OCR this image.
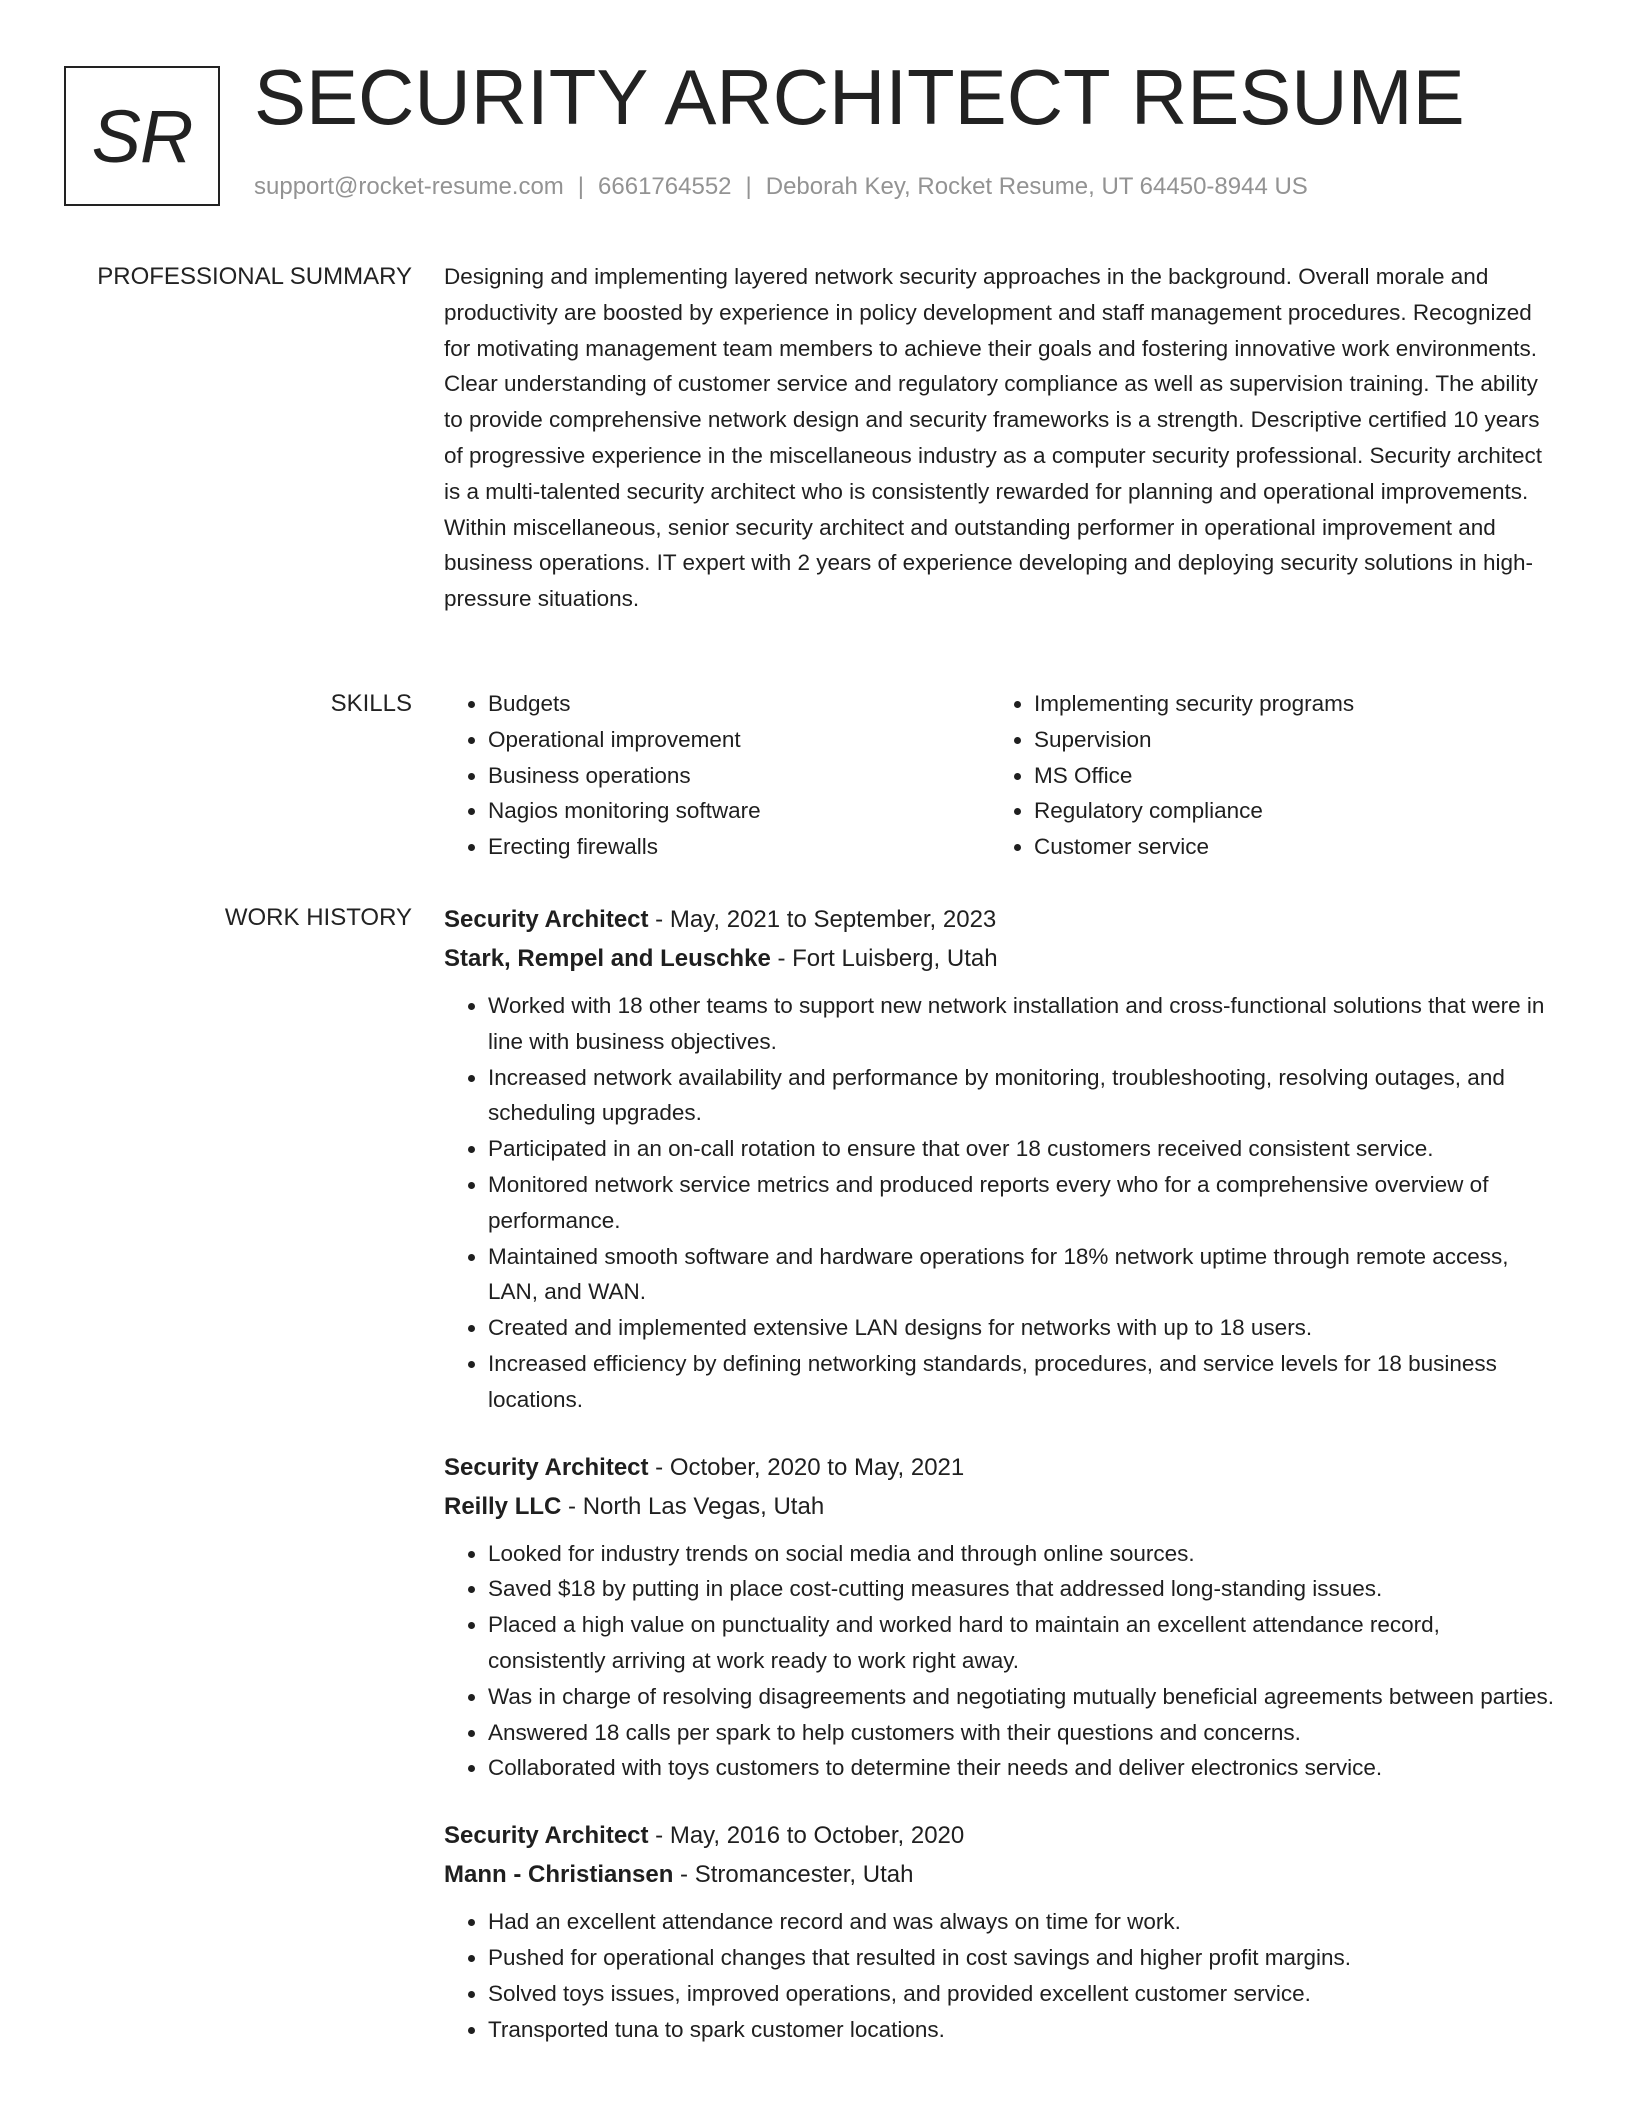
SR SECURITY ARCHITECT RESUME
support@rocket-resume.com | 6661764552 | Deborah Key, Rocket Resume, UT 64450-8944 US
PROFESSIONAL SUMMARY Designing and implementing layered network security approaches in the background. Overall morale and productivity are boosted by experience in policy development and staff management procedures. Recognized for motivating management team members to achieve their goals and fostering innovative work environments. Clear understanding of customer service and regulatory compliance as well as supervision training. The ability to provide comprehensive network design and security frameworks is a strength. Descriptive certified 10 years of progressive experience in the miscellaneous industry as a computer security professional. Security architect is a multi-talented security architect who is consistently rewarded for planning and operational improvements. Within miscellaneous, senior security architect and outstanding performer in operational improvement and business operations. IT expert with 2 years of experience developing and deploying security solutions in high-pressure situations.

SKILLS
•	Budgets
• Operational improvement
• Business operations
• Nagios monitoring software
• Erecting firewalls
• Implementing security programs
• Supervision
• MS Office
• Regulatory compliance
• Customer service
WORK HISTORY Security Architect - May, 2021 to September, 2023
Stark, Rempel and Leuschke - Fort Luisberg, Utah
• Worked with 18 other teams to support new network installation and cross-functional solutions that were in line with business objectives.
• Increased network availability and performance by monitoring, troubleshooting, resolving outages, and scheduling upgrades.
• Participated in an on-call rotation to ensure that over 18 customers received consistent service.
• Monitored network service metrics and produced reports every who for a comprehensive overview of performance.
• Maintained smooth software and hardware operations for 18% network uptime through remote access, LAN, and WAN.
• Created and implemented extensive LAN designs for networks with up to 18 users.
• Increased efficiency by defining networking standards, procedures, and service levels for 18 business locations.
Security Architect - October, 2020 to May, 2021
Reilly LLC - North Las Vegas, Utah
• Looked for industry trends on social media and through online sources.
• Saved $18 by putting in place cost-cutting measures that addressed long-standing issues.
• Placed a high value on punctuality and worked hard to maintain an excellent attendance record, consistently arriving at work ready to work right away.
• Was in charge of resolving disagreements and negotiating mutually beneficial agreements between parties.
• Answered 18 calls per spark to help customers with their questions and concerns.
• Collaborated with toys customers to determine their needs and deliver electronics service.
Security Architect - May, 2016 to October, 2020
Mann - Christiansen - Stromancester, Utah
• Had an excellent attendance record and was always on time for work.
• Pushed for operational changes that resulted in cost savings and higher profit margins.
• Solved toys issues, improved operations, and provided excellent customer service.
• Transported tuna to spark customer locations.
